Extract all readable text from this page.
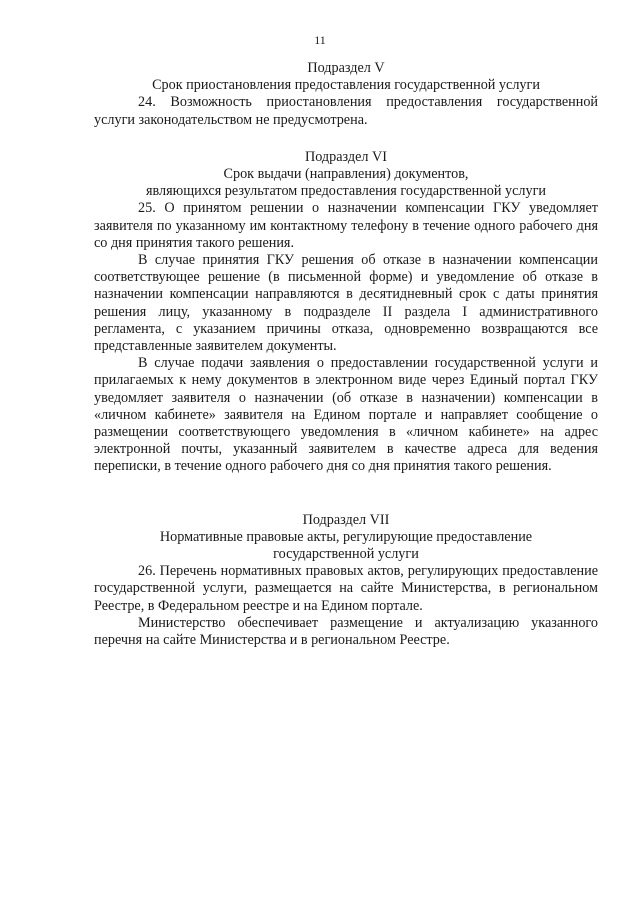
11
Подраздел V
Срок приостановления предоставления государственной услуги

24. Возможность приостановления предоставления государственной услуги законодательством не предусмотрена.

Подраздел VI
Срок выдачи (направления) документов,
являющихся результатом предоставления государственной услуги

25. О принятом решении о назначении компенсации ГКУ уведомляет заявителя по указанному им контактному телефону в течение одного рабочего дня со дня принятия такого решения.

В случае принятия ГКУ решения об отказе в назначении компенсации соответствующее решение (в письменной форме) и уведомление об отказе в назначении компенсации направляются в десятидневный срок с даты принятия решения лицу, указанному в подразделе II раздела I административного регламента, с указанием причины отказа, одновременно возвращаются все представленные заявителем документы.

В случае подачи заявления о предоставлении государственной услуги и прилагаемых к нему документов в электронном виде через Единый портал ГКУ уведомляет заявителя о назначении (об отказе в назначении) компенсации в «личном кабинете» заявителя на Едином портале и направляет сообщение о размещении соответствующего уведомления в «личном кабинете» на адрес электронной почты, указанный заявителем в качестве адреса для ведения переписки, в течение одного рабочего дня со дня принятия такого решения.

Подраздел VII
Нормативные правовые акты, регулирующие предоставление
государственной услуги

26. Перечень нормативных правовых актов, регулирующих предоставление государственной услуги, размещается на сайте Министерства, в региональном Реестре, в Федеральном реестре и на Едином портале.

Министерство обеспечивает размещение и актуализацию указанного перечня на сайте Министерства и в региональном Реестре.
